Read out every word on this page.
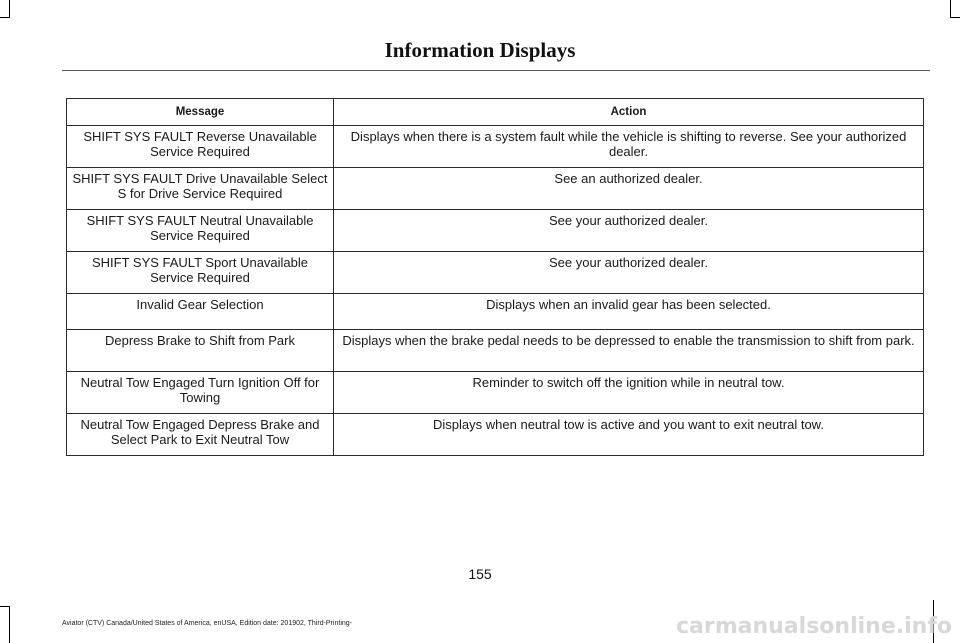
Information Displays
Message	Action
SHIFT SYS FAULT Reverse Unavailable Service Required	Displays when there is a system fault while the vehicle is shifting to reverse. See your authorized dealer.
SHIFT SYS FAULT Drive Unavailable Select S for Drive Service Required	See an authorized dealer.
SHIFT SYS FAULT Neutral Unavailable Service Required	See your authorized dealer.
SHIFT SYS FAULT Sport Unavailable Service Required	See your authorized dealer.
Invalid Gear Selection	Displays when an invalid gear has been selected.
Depress Brake to Shift from Park	Displays when the brake pedal needs to be depressed to enable the transmission to shift from park.
Neutral Tow Engaged Turn Ignition Off for Towing	Reminder to switch off the ignition while in neutral tow.
Neutral Tow Engaged Depress Brake and Select Park to Exit Neutral Tow	Displays when neutral tow is active and you want to exit neutral tow.
155
Aviator (CTV) Canada/United States of America, enUSA, Edition date: 201902, Third-Printing-	carmanualsonline.info
